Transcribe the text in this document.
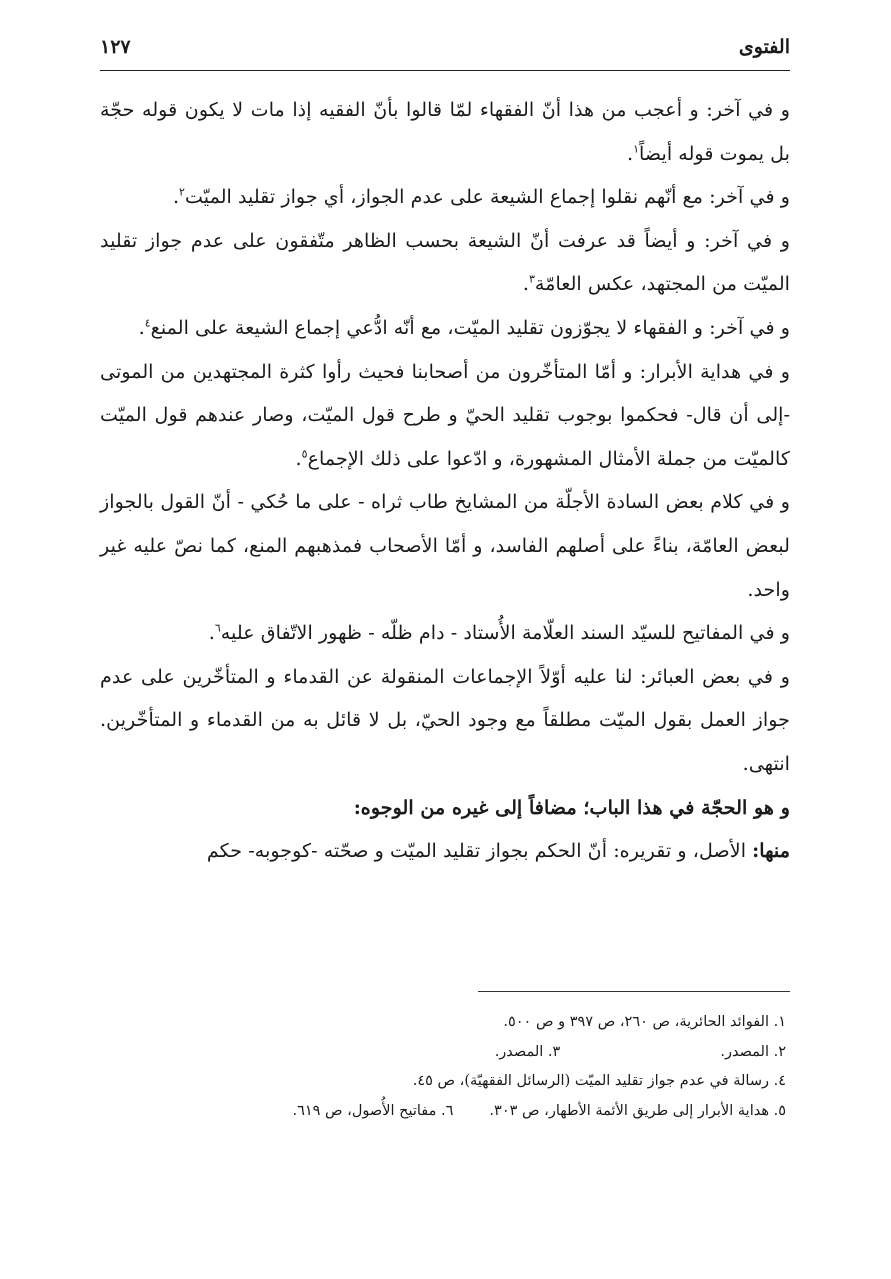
الفتوى
١٢٧

و في آخر: و أعجب من هذا أنّ الفقهاء لمّا قالوا بأنّ الفقيه إذا مات لا يكون قوله حجّة بل يموت قوله أيضاً$^١$.

و في آخر: مع أنّهم نقلوا إجماع الشيعة على عدم الجواز، أي جواز تقليد الميّت$^٢$.

و في آخر: و أيضاً قد عرفت أنّ الشيعة بحسب الظاهر متّفقون على عدم جواز تقليد الميّت من المجتهد، عكس العامّة$^٣$.

و في آخر: و الفقهاء لا يجوّزون تقليد الميّت، مع أنّه ادُّعي إجماع الشيعة على المنع$^٤$.

و في هداية الأبرار: و أمّا المتأخّرون من أصحابنا فحيث رأوا كثرة المجتهدين من الموتى -إلى أن قال- فحكموا بوجوب تقليد الحيّ و طرح قول الميّت، وصار عندهم قول الميّت كالميّت من جملة الأمثال المشهورة، و ادّعوا على ذلك الإجماع$^٥$.

و في كلام بعض السادة الأجلّة من المشايخ طاب ثراه - على ما حُكي - أنّ القول بالجواز لبعض العامّة، بناءً على أصلهم الفاسد، و أمّا الأصحاب فمذهبهم المنع، كما نصّ عليه غير واحد.

و في المفاتيح للسيّد السند العلّامة الأُستاد - دام ظلّه - ظهور الاتّفاق عليه$^٦$.

و في بعض العبائر: لنا عليه أوّلاً الإجماعات المنقولة عن القدماء و المتأخّرين على عدم جواز العمل بقول الميّت مطلقاً مع وجود الحيّ، بل لا قائل به من القدماء و المتأخّرين. انتهى.

و هو الحجّة في هذا الباب؛ مضافاً إلى غيره من الوجوه:

منها: الأصل، و تقريره: أنّ الحكم بجواز تقليد الميّت و صحّته -كوجوبه- حكم

١. الفوائد الحائرية، ص ٢٦٠، ص ٣٩٧ و ص ٥٠٠.
٢. المصدر.٣. المصدر.
٤. رسالة في عدم جواز تقليد الميّت (الرسائل الفقهيّة)، ص ٤٥.
٥. هداية الأبرار إلى طريق الأئمة الأطهار، ص ٣٠٣.٦. مفاتيح الأُصول، ص ٦١٩.
